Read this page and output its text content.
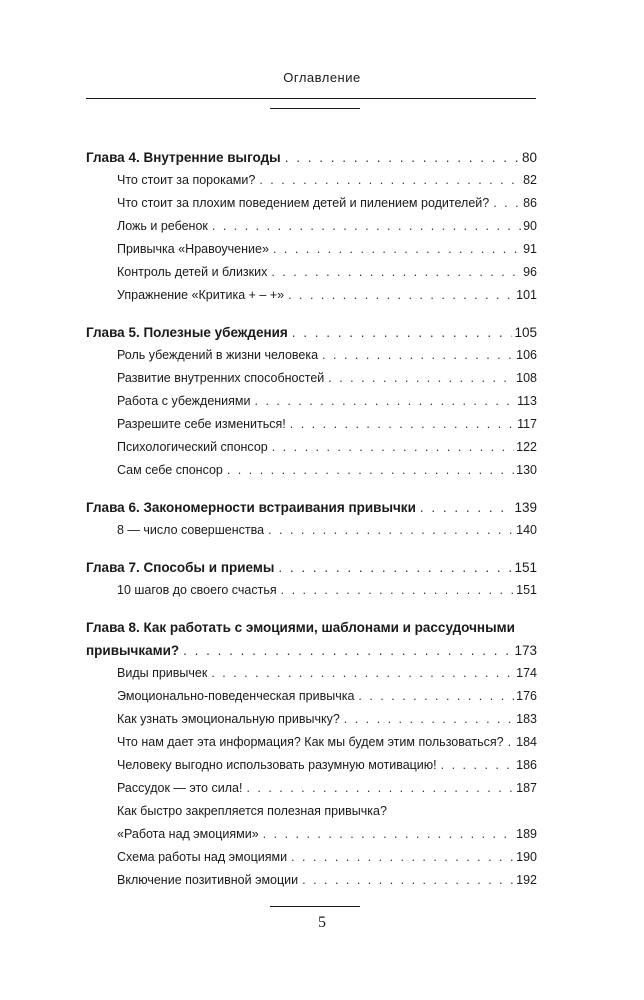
Оглавление
Глава 4. Внутренние выгоды . . .	80
Что стоит за пороками? . . .	82
Что стоит за плохим поведением детей и пилением родителей? . . .	86
Ложь и ребенок . . .	90
Привычка «Нравоучение» . . .	91
Контроль детей и близких . . .	96
Упражнение «Критика + – +» . . .	101
Глава 5. Полезные убеждения . . .	105
Роль убеждений в жизни человека . . .	106
Развитие внутренних способностей . . .	108
Работа с убеждениями . . .	113
Разрешите себе измениться! . . .	117
Психологический спонсор . . .	122
Сам себе спонсор . . .	130
Глава 6. Закономерности встраивания привычки . . .	139
8 — число совершенства . . .	140
Глава 7. Способы и приемы . . .	151
10 шагов до своего счастья . . .	151
Глава 8. Как работать с эмоциями, шаблонами и рассудочными
привычками? . . .	173
Виды привычек . . .	174
Эмоционально-поведенческая привычка . . .	176
Как узнать эмоциональную привычку? . . .	183
Что нам дает эта информация? Как мы будем этим пользоваться? . . .	184
Человеку выгодно использовать разумную мотивацию! . . .	186
Рассудок — это сила! . . .	187
Как быстро закрепляется полезная привычка?
«Работа над эмоциями» . . .	189
Схема работы над эмоциями . . .	190
Включение позитивной эмоции . . .	192
5
